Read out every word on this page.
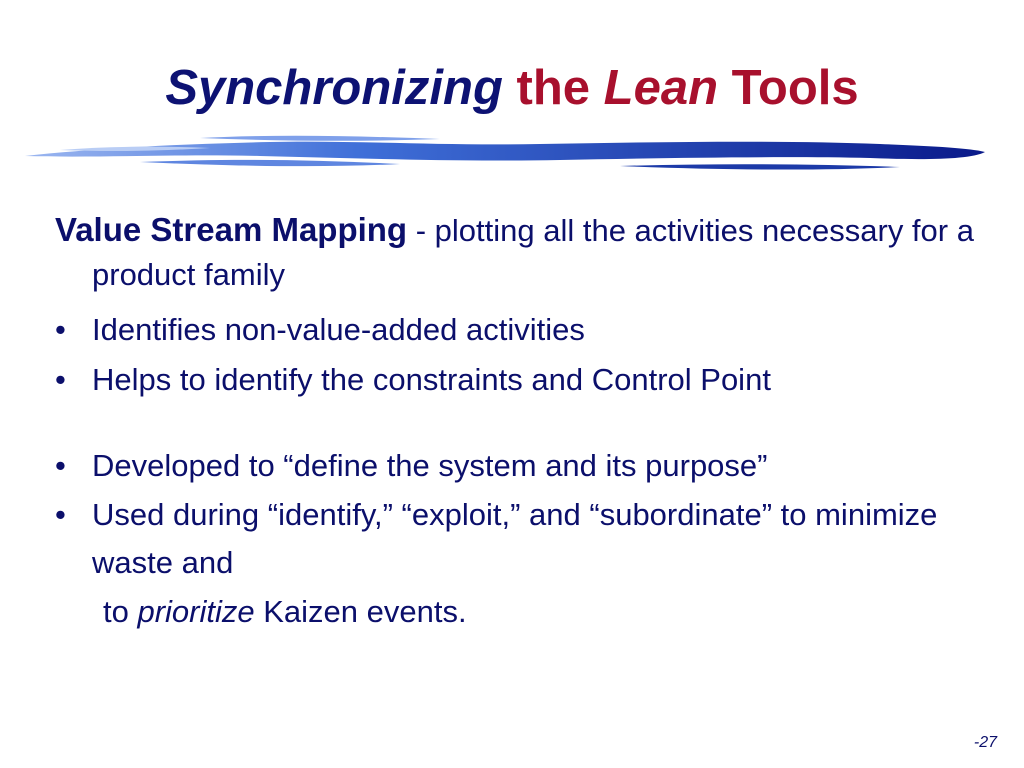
Synchronizing the Lean Tools

Value Stream Mapping - plotting all the activities necessary for a product family

• Identifies non-value-added activities

• Helps to identify the constraints and Control Point

• Developed to “define the system and its purpose”

• Used during “identify,” “exploit,” and “subordinate” to minimize waste and

to prioritize Kaizen events.

-27
